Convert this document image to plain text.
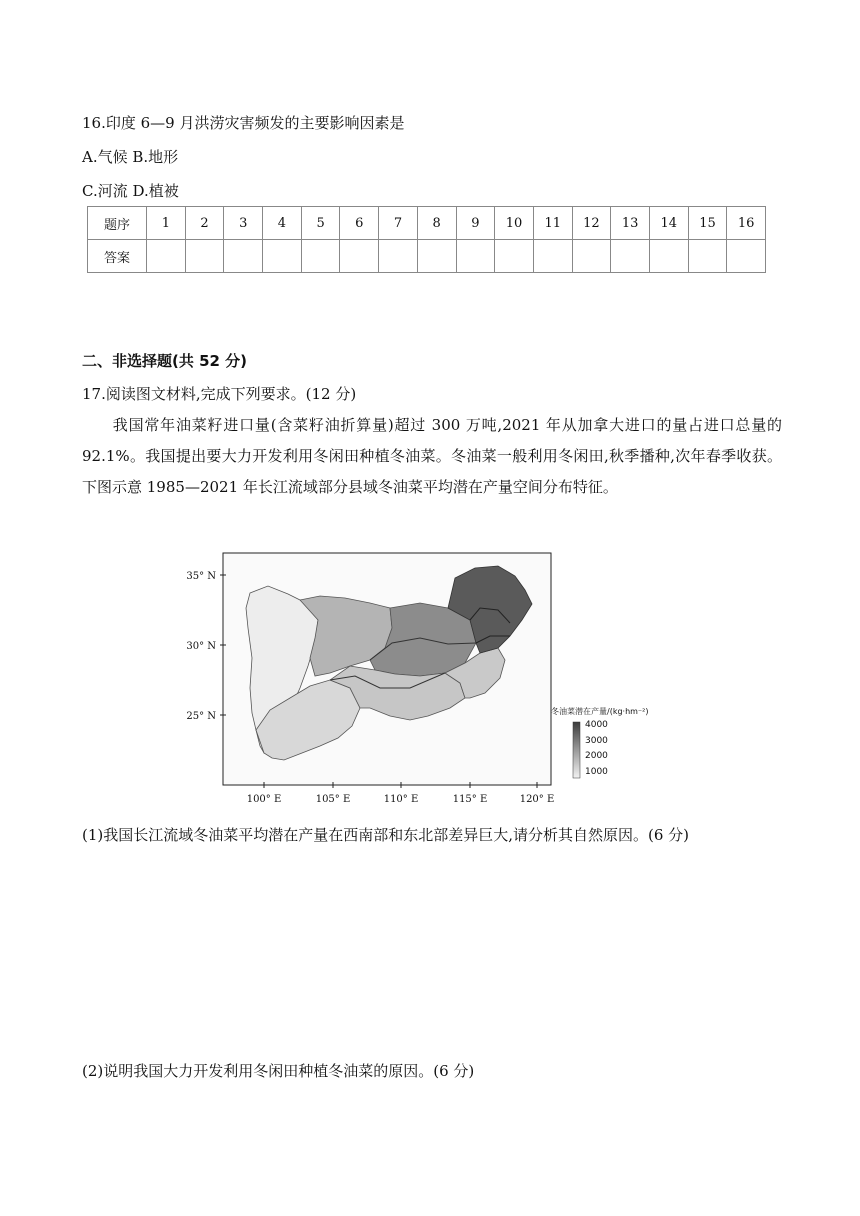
16.印度 6—9 月洪涝灾害频发的主要影响因素是
A.气候 B.地形
C.河流 D.植被
题序	1	2	3	4	5	6	7	8	9	10	11	12	13	14	15	16
答案																
二、非选择题(共 52 分)
17.阅读图文材料,完成下列要求。(12 分)
我国常年油菜籽进口量(含菜籽油折算量)超过 300 万吨,2021 年从加拿大进口的量占进口总量的 92.1%。我国提出要大力开发利用冬闲田种植冬油菜。冬油菜一般利用冬闲田,秋季播种,次年春季收获。下图示意 1985—2021 年长江流域部分县域冬油菜平均潜在产量空间分布特征。
35° N
30° N
25° N
100° E	105° E	110° E	115° E	120° E
冬油菜潜在产量/(kg·hm⁻²)
4000
3000
2000
1000
(1)我国长江流域冬油菜平均潜在产量在西南部和东北部差异巨大,请分析其自然原因。(6 分)
(2)说明我国大力开发利用冬闲田种植冬油菜的原因。(6 分)
